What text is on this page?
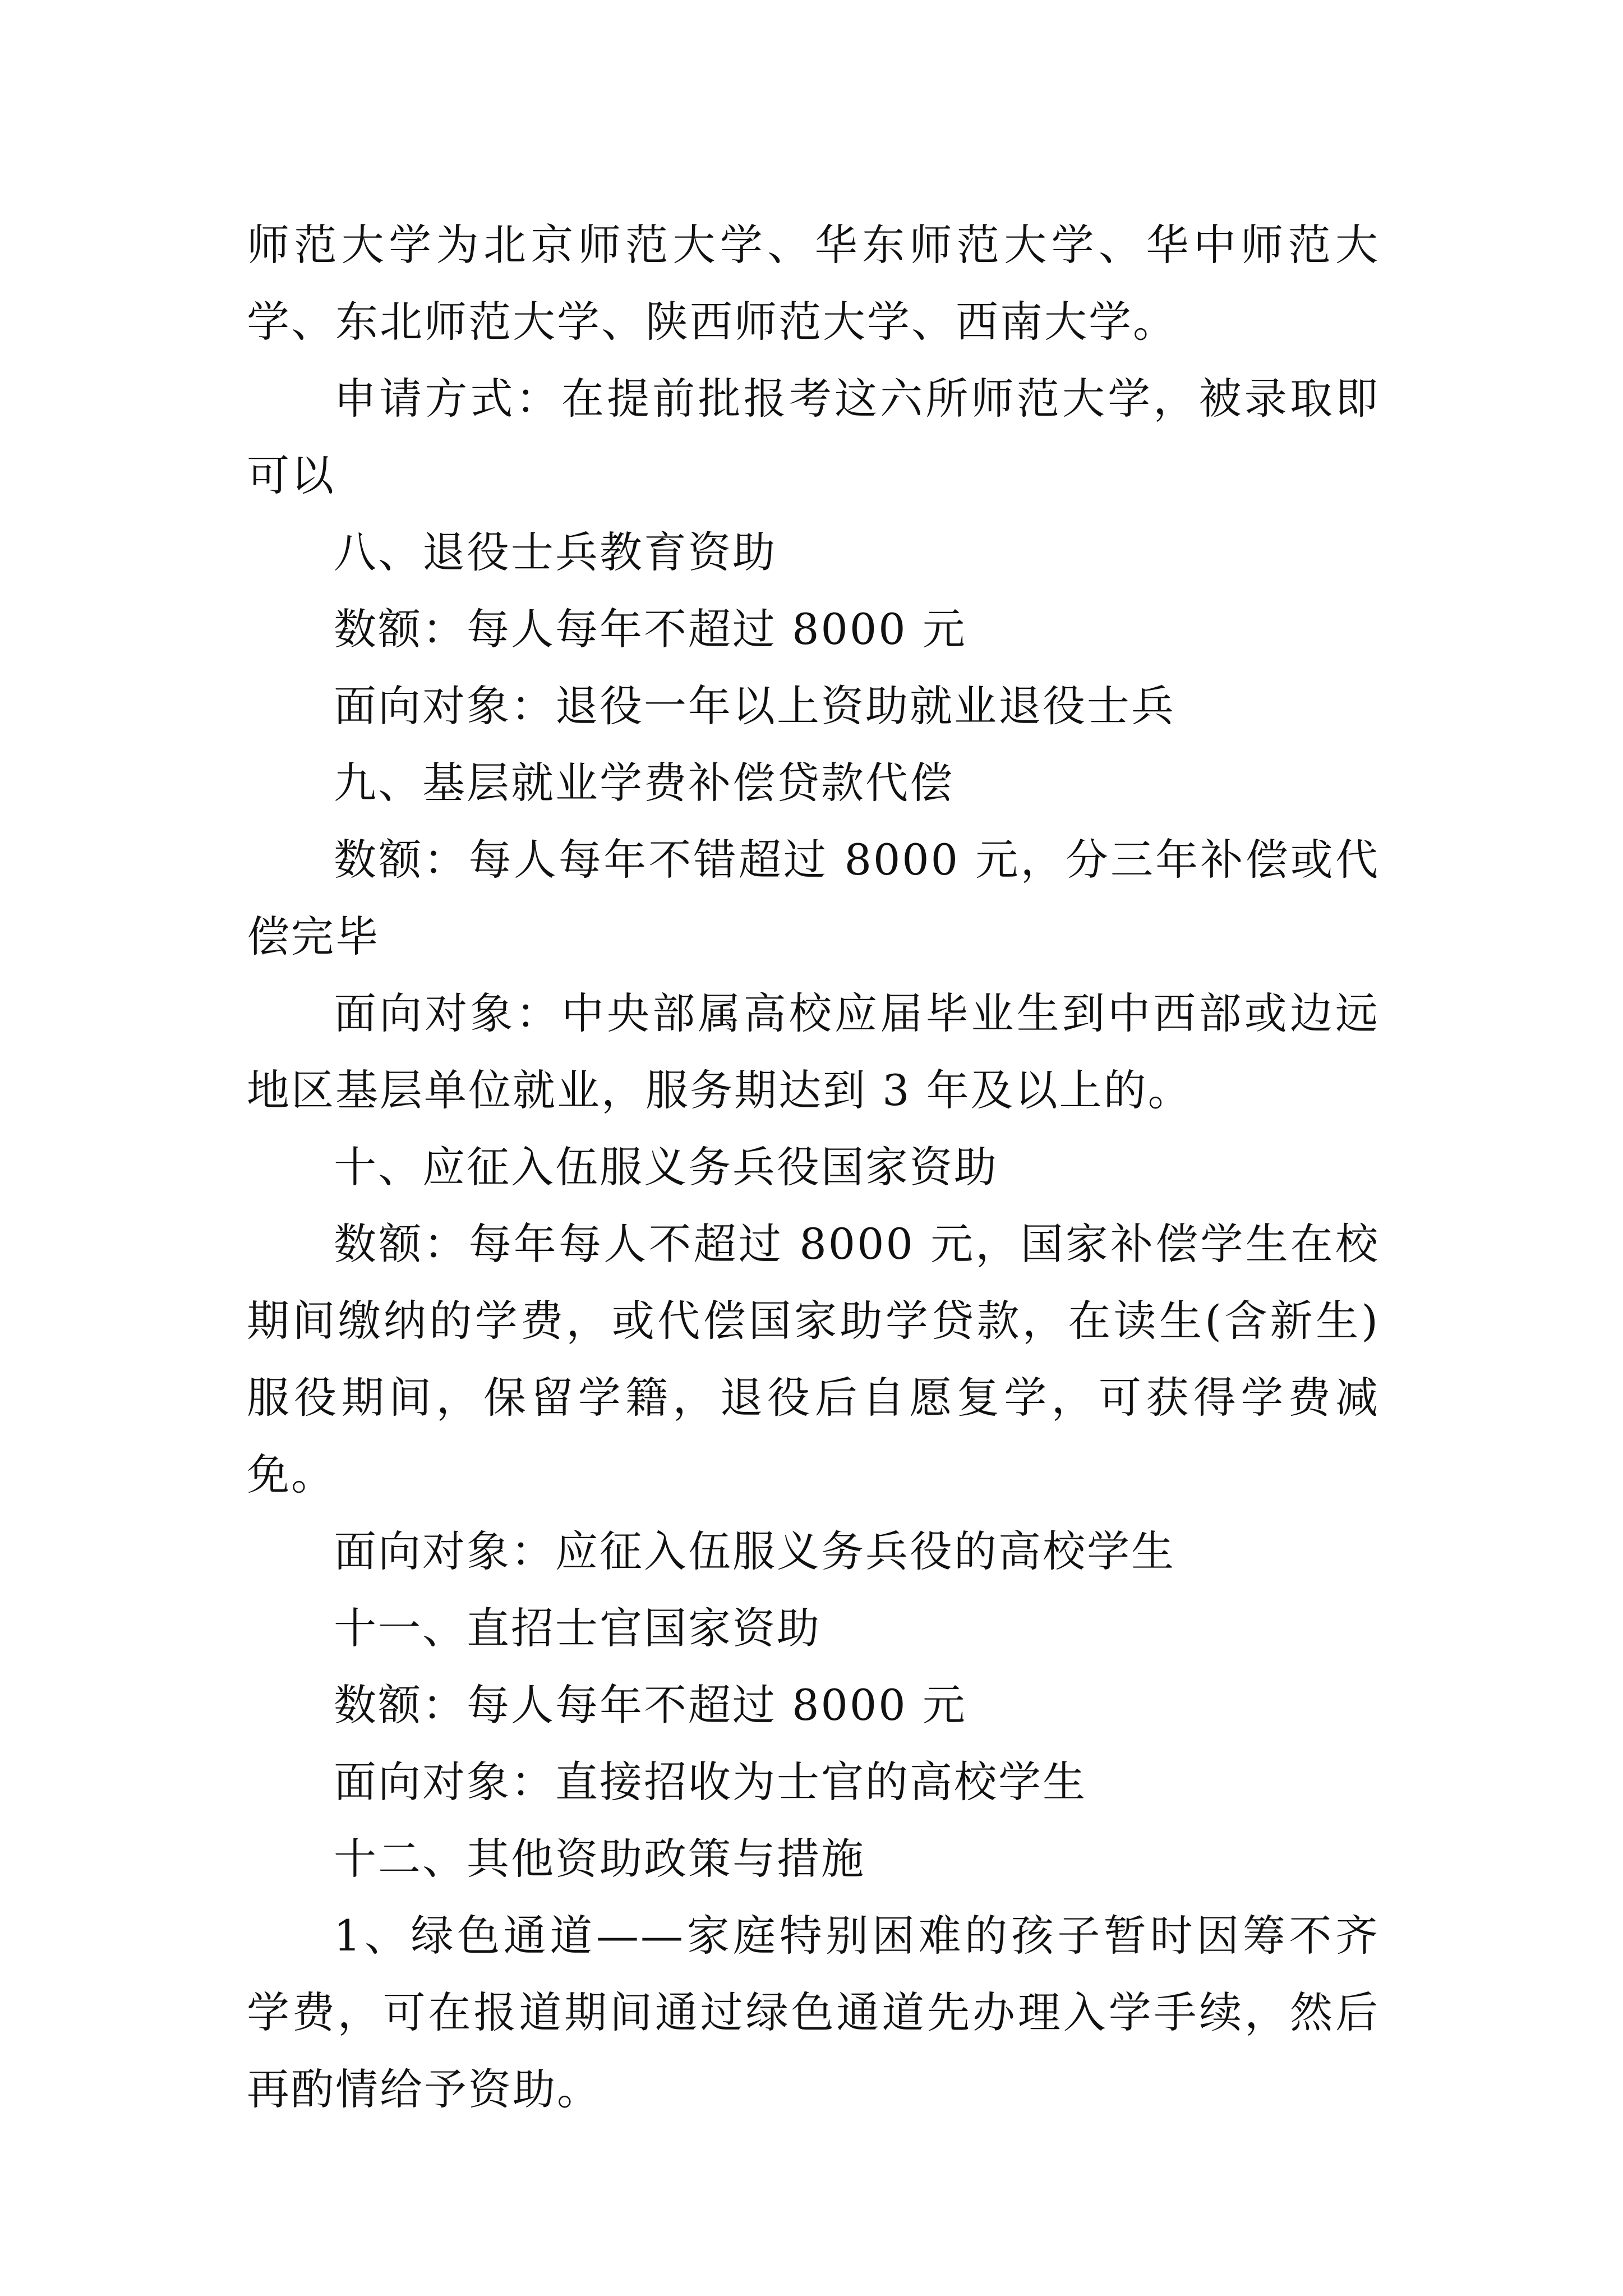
师范大学为北京师范大学、华东师范大学、华中师范大学、东北师范大学、陕西师范大学、西南大学。

申请方式：在提前批报考这六所师范大学，被录取即可以

八、退役士兵教育资助

数额：每人每年不超过 8000 元

面向对象：退役一年以上资助就业退役士兵

九、基层就业学费补偿贷款代偿

数额：每人每年不错超过 8000 元，分三年补偿或代偿完毕

面向对象：中央部属高校应届毕业生到中西部或边远地区基层单位就业，服务期达到 3 年及以上的。

十、应征入伍服义务兵役国家资助

数额：每年每人不超过 8000 元，国家补偿学生在校期间缴纳的学费，或代偿国家助学贷款，在读生(含新生)服役期间，保留学籍，退役后自愿复学，可获得学费减免。

面向对象：应征入伍服义务兵役的高校学生

十一、直招士官国家资助

数额：每人每年不超过 8000 元

面向对象：直接招收为士官的高校学生

十二、其他资助政策与措施

1、绿色通道——家庭特别困难的孩子暂时因筹不齐学费，可在报道期间通过绿色通道先办理入学手续，然后再酌情给予资助。
